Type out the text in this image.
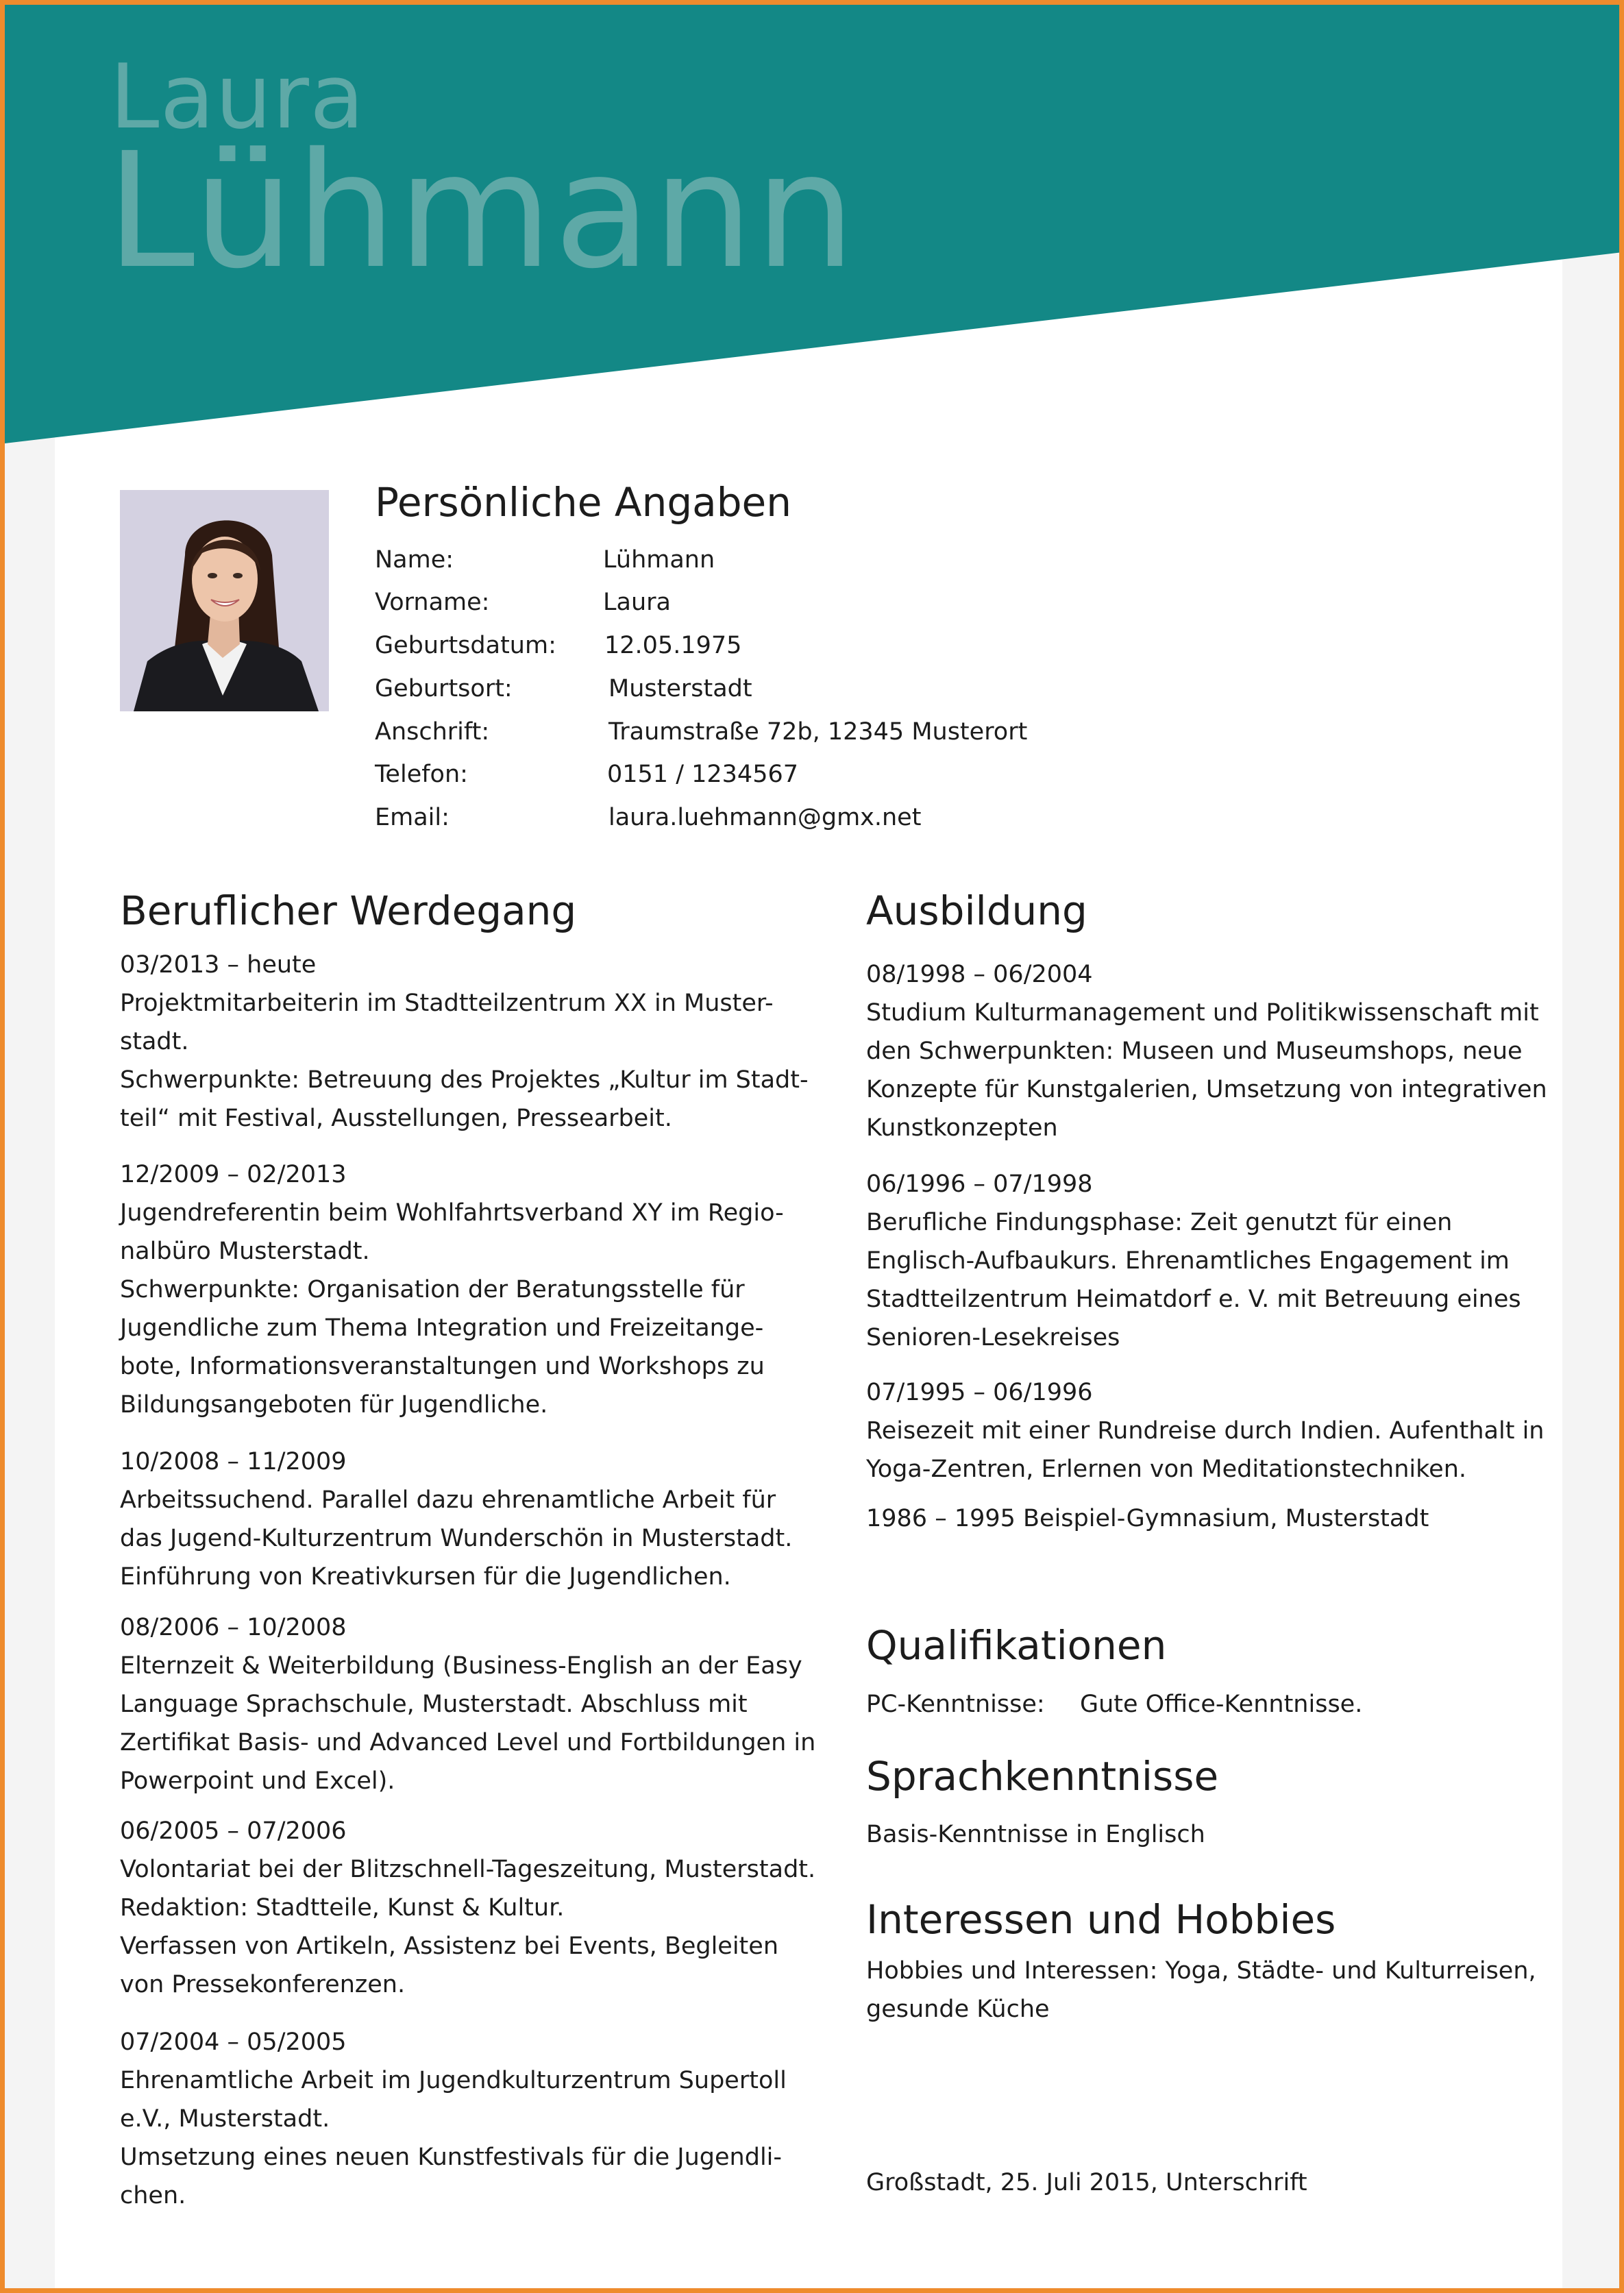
Laura
Lühmann
Persönliche Angaben
Name:	Lühmann
Vorname:	Laura
Geburtsdatum: 12.05.1975
Geburtsort:	Musterstadt
Anschrift:	Traumstraße 72b, 12345 Musterort
Telefon:	0151 / 1234567
Email:	laura.luehmann@gmx.net
Beruflicher Werdegang
03/2013 – heute
Projektmitarbeiterin im Stadtteilzentrum XX in Muster-
stadt.
Schwerpunkte: Betreuung des Projektes „Kultur im Stadt-
teil“ mit Festival, Ausstellungen, Pressearbeit.
12/2009 – 02/2013
Jugendreferentin beim Wohlfahrtsverband XY im Regio-
nalbüro Musterstadt.
Schwerpunkte: Organisation der Beratungsstelle für
Jugendliche zum Thema Integration und Freizeitange-
bote, Informationsveranstaltungen und Workshops zu
Bildungsangeboten für Jugendliche.
10/2008 – 11/2009
Arbeitssuchend. Parallel dazu ehrenamtliche Arbeit für
das Jugend-Kulturzentrum Wunderschön in Musterstadt.
Einführung von Kreativkursen für die Jugendlichen.
08/2006 – 10/2008
Elternzeit & Weiterbildung (Business-English an der Easy
Language Sprachschule, Musterstadt. Abschluss mit
Zertifikat Basis- und Advanced Level und Fortbildungen in
Powerpoint und Excel).
06/2005 – 07/2006
Volontariat bei der Blitzschnell-Tageszeitung, Musterstadt.
Redaktion: Stadtteile, Kunst & Kultur.
Verfassen von Artikeln, Assistenz bei Events, Begleiten
von Pressekonferenzen.
07/2004 – 05/2005
Ehrenamtliche Arbeit im Jugendkulturzentrum Supertoll
e.V., Musterstadt.
Umsetzung eines neuen Kunstfestivals für die Jugendli-
chen.
Ausbildung
08/1998 – 06/2004
Studium Kulturmanagement und Politikwissenschaft mit
den Schwerpunkten: Museen und Museumshops, neue
Konzepte für Kunstgalerien, Umsetzung von integrativen
Kunstkonzepten
06/1996 – 07/1998
Berufliche Findungsphase: Zeit genutzt für einen
Englisch-Aufbaukurs. Ehrenamtliches Engagement im
Stadtteilzentrum Heimatdorf e. V. mit Betreuung eines
Senioren-Lesekreises
07/1995 – 06/1996
Reisezeit mit einer Rundreise durch Indien. Aufenthalt in
Yoga-Zentren, Erlernen von Meditationstechniken.
1986 – 1995 Beispiel-Gymnasium, Musterstadt
Qualifikationen
PC-Kenntnisse: Gute Office-Kenntnisse.
Sprachkenntnisse
Basis-Kenntnisse in Englisch
Interessen und Hobbies
Hobbies und Interessen: Yoga, Städte- und Kulturreisen,
gesunde Küche
Großstadt, 25. Juli 2015, Unterschrift
